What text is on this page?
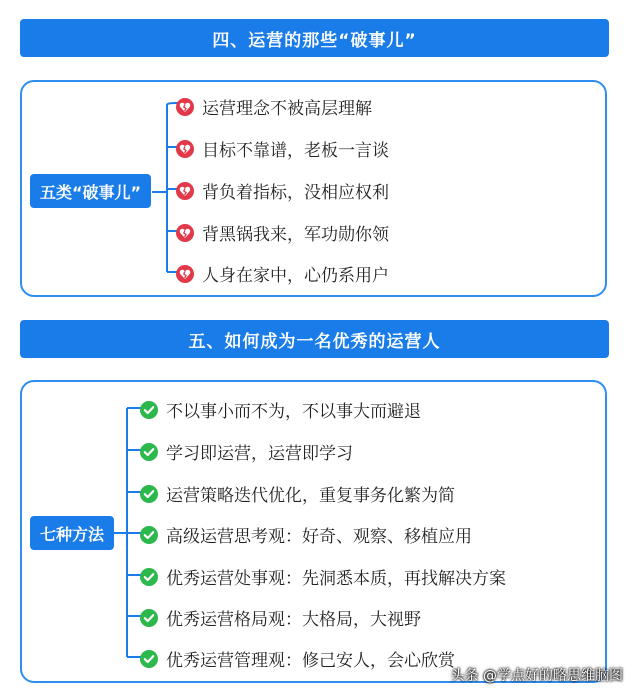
四、运营的那些“破事儿”
五类“破事儿”
运营理念不被高层理解
目标不靠谱，老板一言谈
背负着指标，没相应权利
背黑锅我来，军功勋你领
人身在家中，心仍系用户
五、如何成为一名优秀的运营人
七种方法
不以事小而不为，不以事大而避退
学习即运营，运营即学习
运营策略迭代优化，重复事务化繁为简
高级运营思考观：好奇、观察、移植应用
优秀运营处事观：先洞悉本质，再找解决方案
优秀运营格局观：大格局，大视野
优秀运营管理观：修己安人，会心欣赏
头条 @学点好的略思维脑图
